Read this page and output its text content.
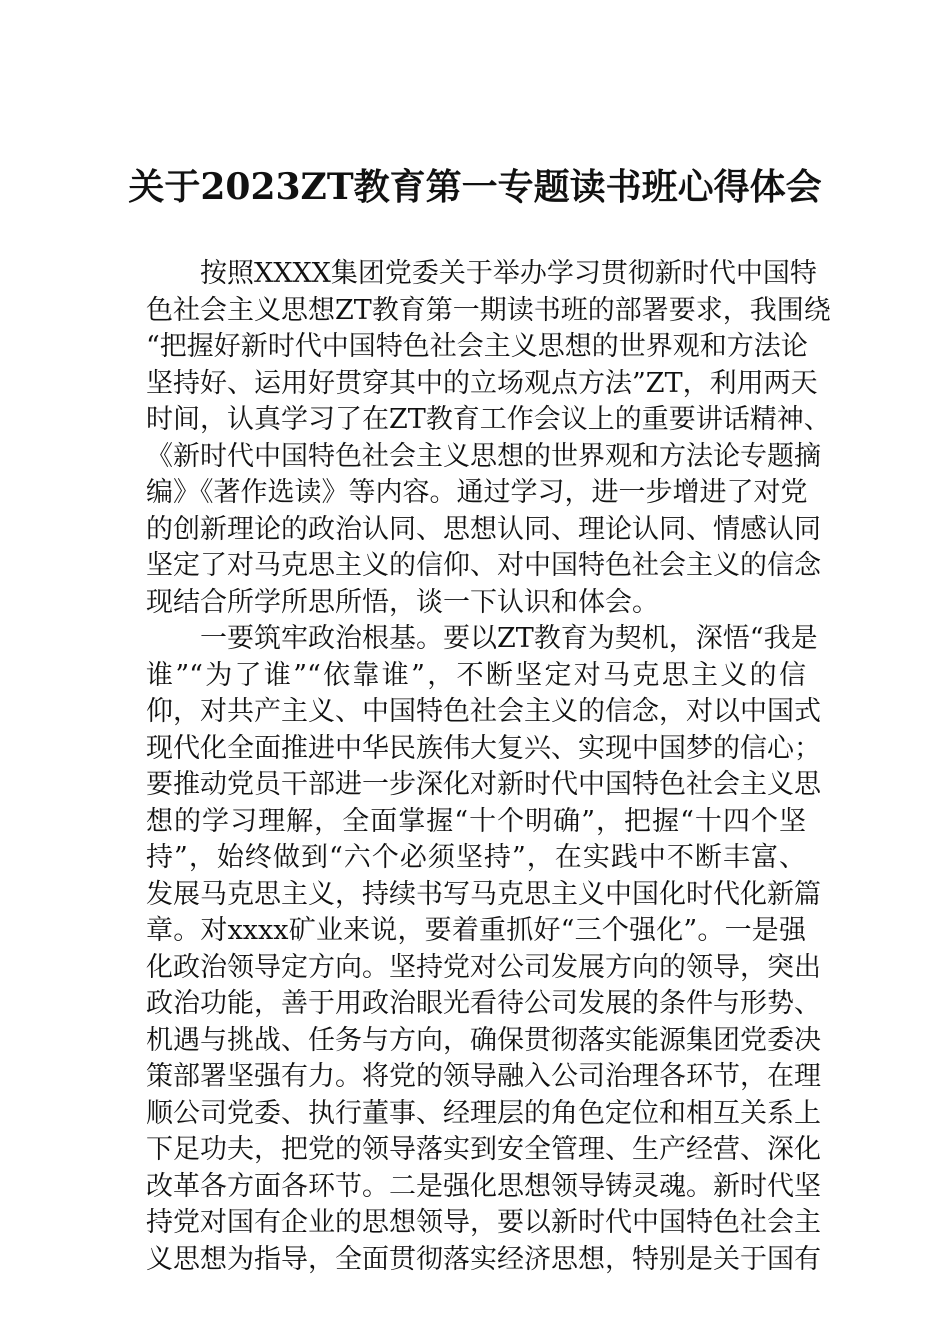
关于2023ZT教育第一专题读书班心得体会
按照XXXX集团党委关于举办学习贯彻新时代中国特
色社会主义思想ZT教育第一期读书班的部署要求，我围绕
“把握好新时代中国特色社会主义思想的世界观和方法论
坚持好、运用好贯穿其中的立场观点方法”ZT，利用两天
时间，认真学习了在ZT教育工作会议上的重要讲话精神、
《新时代中国特色社会主义思想的世界观和方法论专题摘
编》《著作选读》等内容。通过学习，进一步增进了对党
的创新理论的政治认同、思想认同、理论认同、情感认同
坚定了对马克思主义的信仰、对中国特色社会主义的信念
现结合所学所思所悟，谈一下认识和体会。
一要筑牢政治根基。要以ZT教育为契机，深悟“我是
谁”“为了谁”“依靠谁”，不断坚定对马克思主义的信
仰，对共产主义、中国特色社会主义的信念，对以中国式
现代化全面推进中华民族伟大复兴、实现中国梦的信心；
要推动党员干部进一步深化对新时代中国特色社会主义思
想的学习理解，全面掌握“十个明确”，把握“十四个坚
持”，始终做到“六个必须坚持”，在实践中不断丰富、
发展马克思主义，持续书写马克思主义中国化时代化新篇
章。对xxxx矿业来说，要着重抓好“三个强化”。一是强
化政治领导定方向。坚持党对公司发展方向的领导，突出
政治功能，善于用政治眼光看待公司发展的条件与形势、
机遇与挑战、任务与方向，确保贯彻落实能源集团党委决
策部署坚强有力。将党的领导融入公司治理各环节，在理
顺公司党委、执行董事、经理层的角色定位和相互关系上
下足功夫，把党的领导落实到安全管理、生产经营、深化
改革各方面各环节。二是强化思想领导铸灵魂。新时代坚
持党对国有企业的思想领导，要以新时代中国特色社会主
义思想为指导，全面贯彻落实经济思想，特别是关于国有
